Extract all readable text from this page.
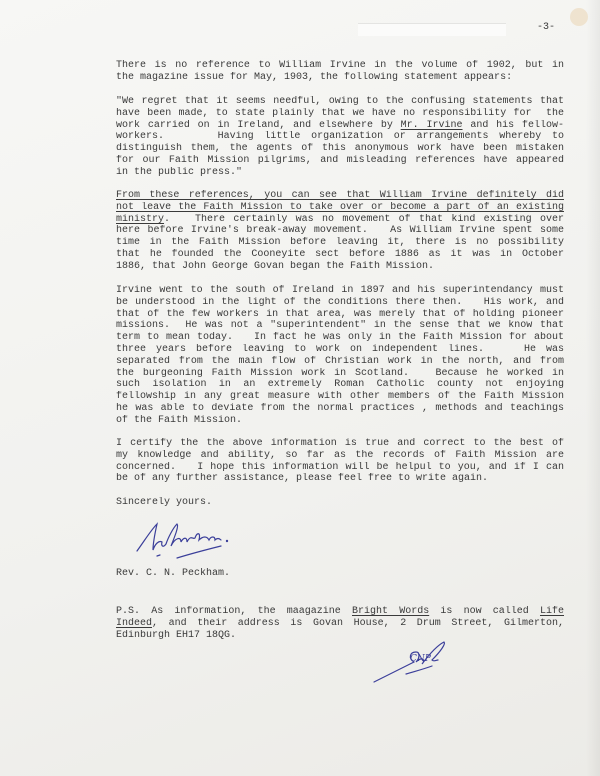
-3-
There is no reference to William Irvine in the volume of 1902, but in
the magazine issue for May, 1903, the following statement appears:
"We regret that it seems needful, owing to the confusing statements that
have been made, to state plainly that we have no responsibility for  the
work carried on in Ireland, and elsewhere by Mr. Irvine and his fellow-
workers.     Having little organization or arrangements whereby to
distinguish them, the agents of this anonymous work have been mistaken
for our Faith Mission pilgrims, and misleading references have appeared
in the public press."
From these references, you can see that William Irvine definitely did
not leave the Faith Mission to take over or become a part of an existing
ministry.   There certainly was no movement of that kind existing over
here before Irvine's break-away movement.   As William Irvine spent some
time in the Faith Mission before leaving it, there is no possibility
that he founded the Cooneyite sect before 1886 as it was in October
1886, that John George Govan began the Faith Mission.
Irvine went to the south of Ireland in 1897 and his superintendancy must
be understood in the light of the conditions there then.   His work, and
that of the few workers in that area, was merely that of holding pioneer
missions.  He was not a "superintendent" in the sense that we know that
term to mean today.   In fact he was only in the Faith Mission for about
three years before leaving to work on independent lines.    He was
separated from the main flow of Christian work in the north, and from
the burgeoning Faith Mission work in Scotland.   Because he worked in
such isolation in an extremely Roman Catholic county not enjoying
fellowship in any great measure with other members of the Faith Mission
he was able to deviate from the normal practices , methods and teachings
of the Faith Mission.
I certify the the above information is true and correct to the best of
my knowledge and ability, so far as the records of Faith Mission are
concerned.   I hope this information will be helpul to you, and if I can
be of any further assistance, please feel free to write again.
Sincerely yours.
Rev. C. N. Peckham.
P.S. As information, the maagazine Bright Words is now called Life
Indeed, and their address is Govan House, 2 Drum Street, Gilmerton,
Edinburgh EH17 18QG.
CNP
